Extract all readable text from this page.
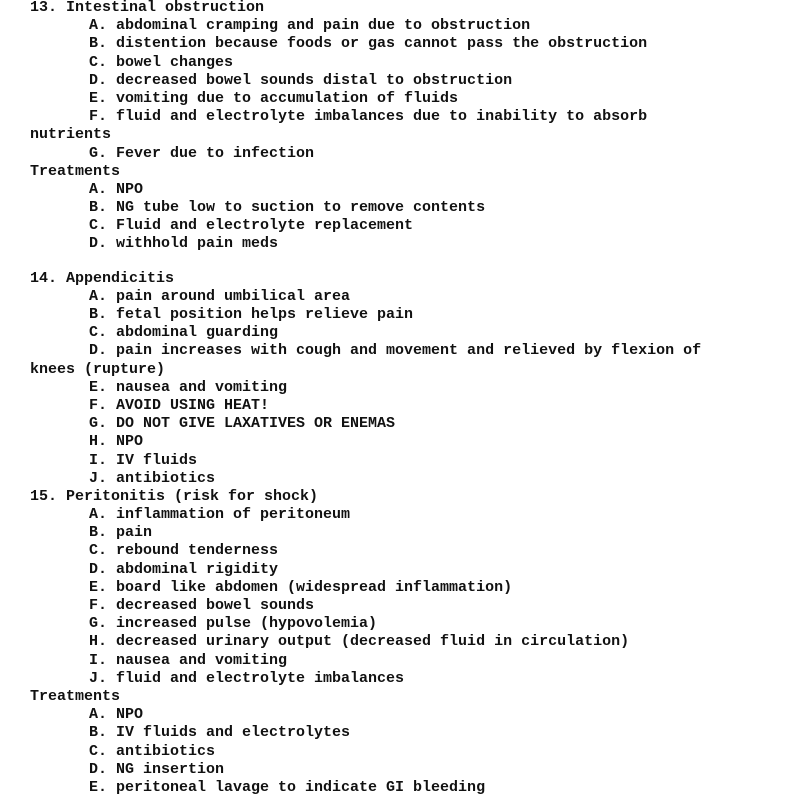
13. Intestinal obstruction
A. abdominal cramping and pain due to obstruction
B. distention because foods or gas cannot pass the obstruction
C. bowel changes
D. decreased bowel sounds distal to obstruction
E. vomiting due to accumulation of fluids
F. fluid and electrolyte imbalances due to inability to absorb
nutrients
G. Fever due to infection
Treatments
A. NPO
B. NG tube low to suction to remove contents
C. Fluid and electrolyte replacement
D. withhold pain meds
14. Appendicitis
A. pain around umbilical area
B. fetal position helps relieve pain
C. abdominal guarding
D. pain increases with cough and movement and relieved by flexion of
knees (rupture)
E. nausea and vomiting
F. AVOID USING HEAT!
G. DO NOT GIVE LAXATIVES OR ENEMAS
H. NPO
I. IV fluids
J. antibiotics
15. Peritonitis (risk for shock)
A. inflammation of peritoneum
B. pain
C. rebound tenderness
D. abdominal rigidity
E. board like abdomen (widespread inflammation)
F. decreased bowel sounds
G. increased pulse (hypovolemia)
H. decreased urinary output (decreased fluid in circulation)
I. nausea and vomiting
J. fluid and electrolyte imbalances
Treatments
A. NPO
B. IV fluids and electrolytes
C. antibiotics
D. NG insertion
E. peritoneal lavage to indicate GI bleeding
